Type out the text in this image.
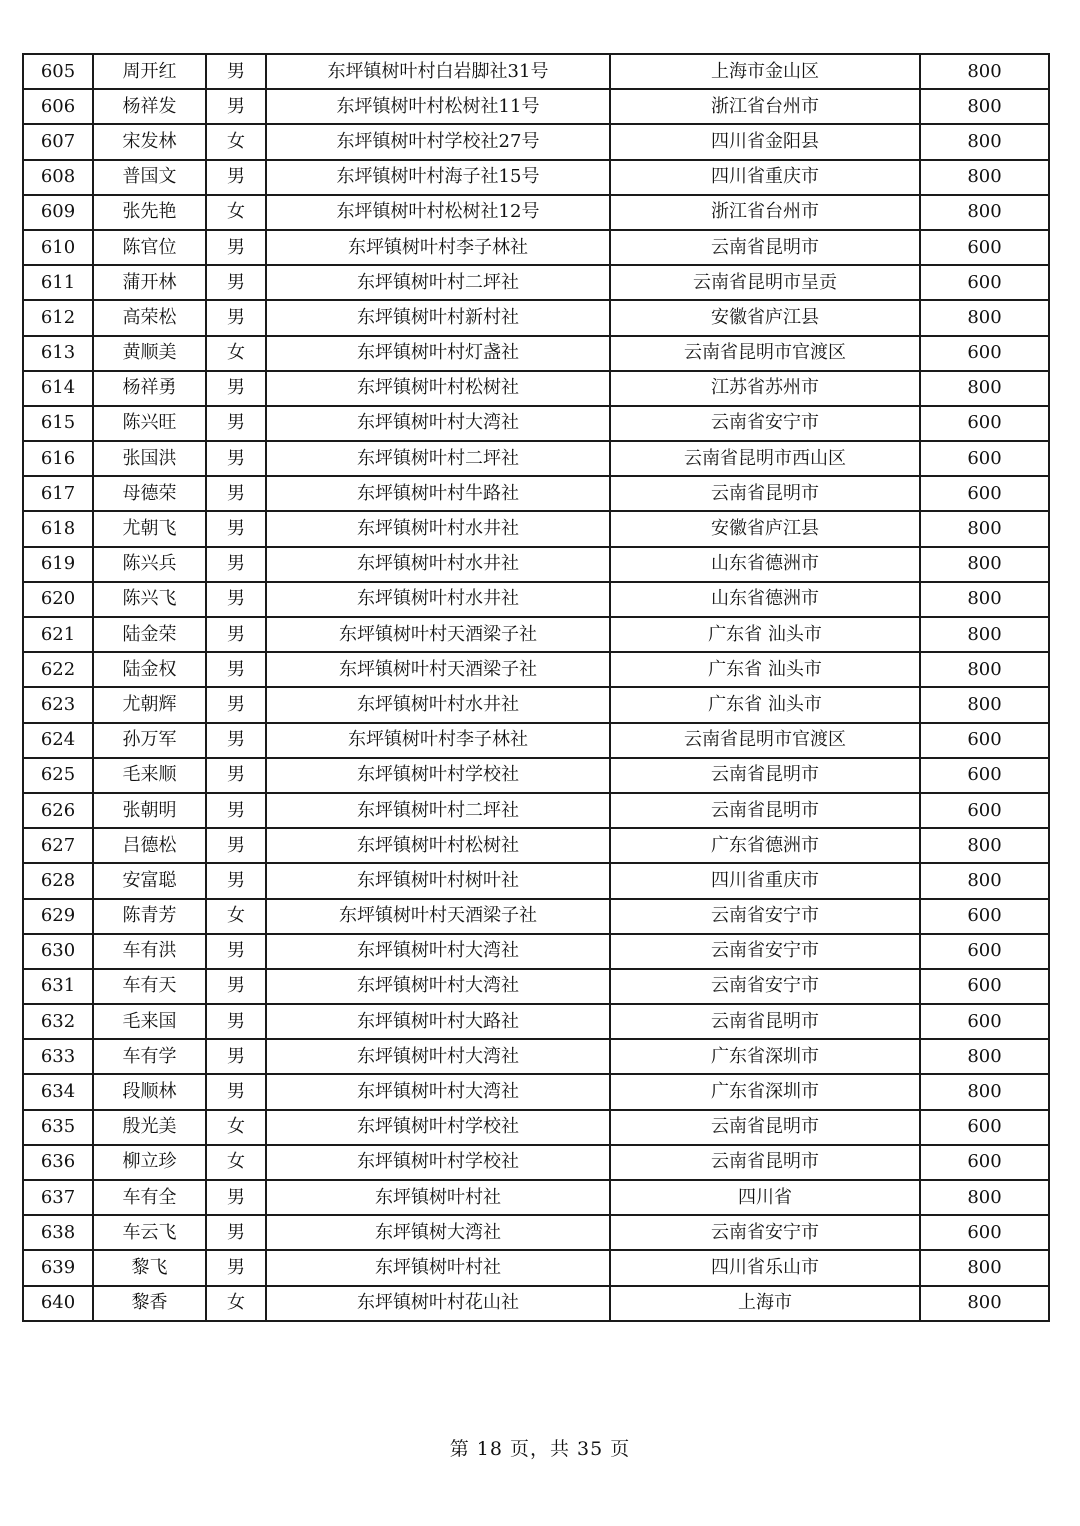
605	周开红	男	东坪镇树叶村白岩脚社31号	上海市金山区	800
606	杨祥发	男	东坪镇树叶村松树社11号	浙江省台州市	800
607	宋发林	女	东坪镇树叶村学校社27号	四川省金阳县	800
608	普国文	男	东坪镇树叶村海子社15号	四川省重庆市	800
609	张先艳	女	东坪镇树叶村松树社12号	浙江省台州市	800
610	陈官位	男	东坪镇树叶村李子林社	云南省昆明市	600
611	蒲开林	男	东坪镇树叶村二坪社	云南省昆明市呈贡	600
612	高荣松	男	东坪镇树叶村新村社	安徽省庐江县	800
613	黄顺美	女	东坪镇树叶村灯盏社	云南省昆明市官渡区	600
614	杨祥勇	男	东坪镇树叶村松树社	江苏省苏州市	800
615	陈兴旺	男	东坪镇树叶村大湾社	云南省安宁市	600
616	张国洪	男	东坪镇树叶村二坪社	云南省昆明市西山区	600
617	母德荣	男	东坪镇树叶村牛路社	云南省昆明市	600
618	尤朝飞	男	东坪镇树叶村水井社	安徽省庐江县	800
619	陈兴兵	男	东坪镇树叶村水井社	山东省德洲市	800
620	陈兴飞	男	东坪镇树叶村水井社	山东省德洲市	800
621	陆金荣	男	东坪镇树叶村天酒梁子社	广东省 汕头市	800
622	陆金权	男	东坪镇树叶村天酒梁子社	广东省 汕头市	800
623	尤朝辉	男	东坪镇树叶村水井社	广东省 汕头市	800
624	孙万军	男	东坪镇树叶村李子林社	云南省昆明市官渡区	600
625	毛来顺	男	东坪镇树叶村学校社	云南省昆明市	600
626	张朝明	男	东坪镇树叶村二坪社	云南省昆明市	600
627	吕德松	男	东坪镇树叶村松树社	广东省德洲市	800
628	安富聪	男	东坪镇树叶村树叶社	四川省重庆市	800
629	陈青芳	女	东坪镇树叶村天酒梁子社	云南省安宁市	600
630	车有洪	男	东坪镇树叶村大湾社	云南省安宁市	600
631	车有天	男	东坪镇树叶村大湾社	云南省安宁市	600
632	毛来国	男	东坪镇树叶村大路社	云南省昆明市	600
633	车有学	男	东坪镇树叶村大湾社	广东省深圳市	800
634	段顺林	男	东坪镇树叶村大湾社	广东省深圳市	800
635	殷光美	女	东坪镇树叶村学校社	云南省昆明市	600
636	柳立珍	女	东坪镇树叶村学校社	云南省昆明市	600
637	车有全	男	东坪镇树叶村社	四川省	800
638	车云飞	男	东坪镇树大湾社	云南省安宁市	600
639	黎飞	男	东坪镇树叶村社	四川省乐山市	800
640	黎香	女	东坪镇树叶村花山社	上海市	800
第 18 页，共 35 页
